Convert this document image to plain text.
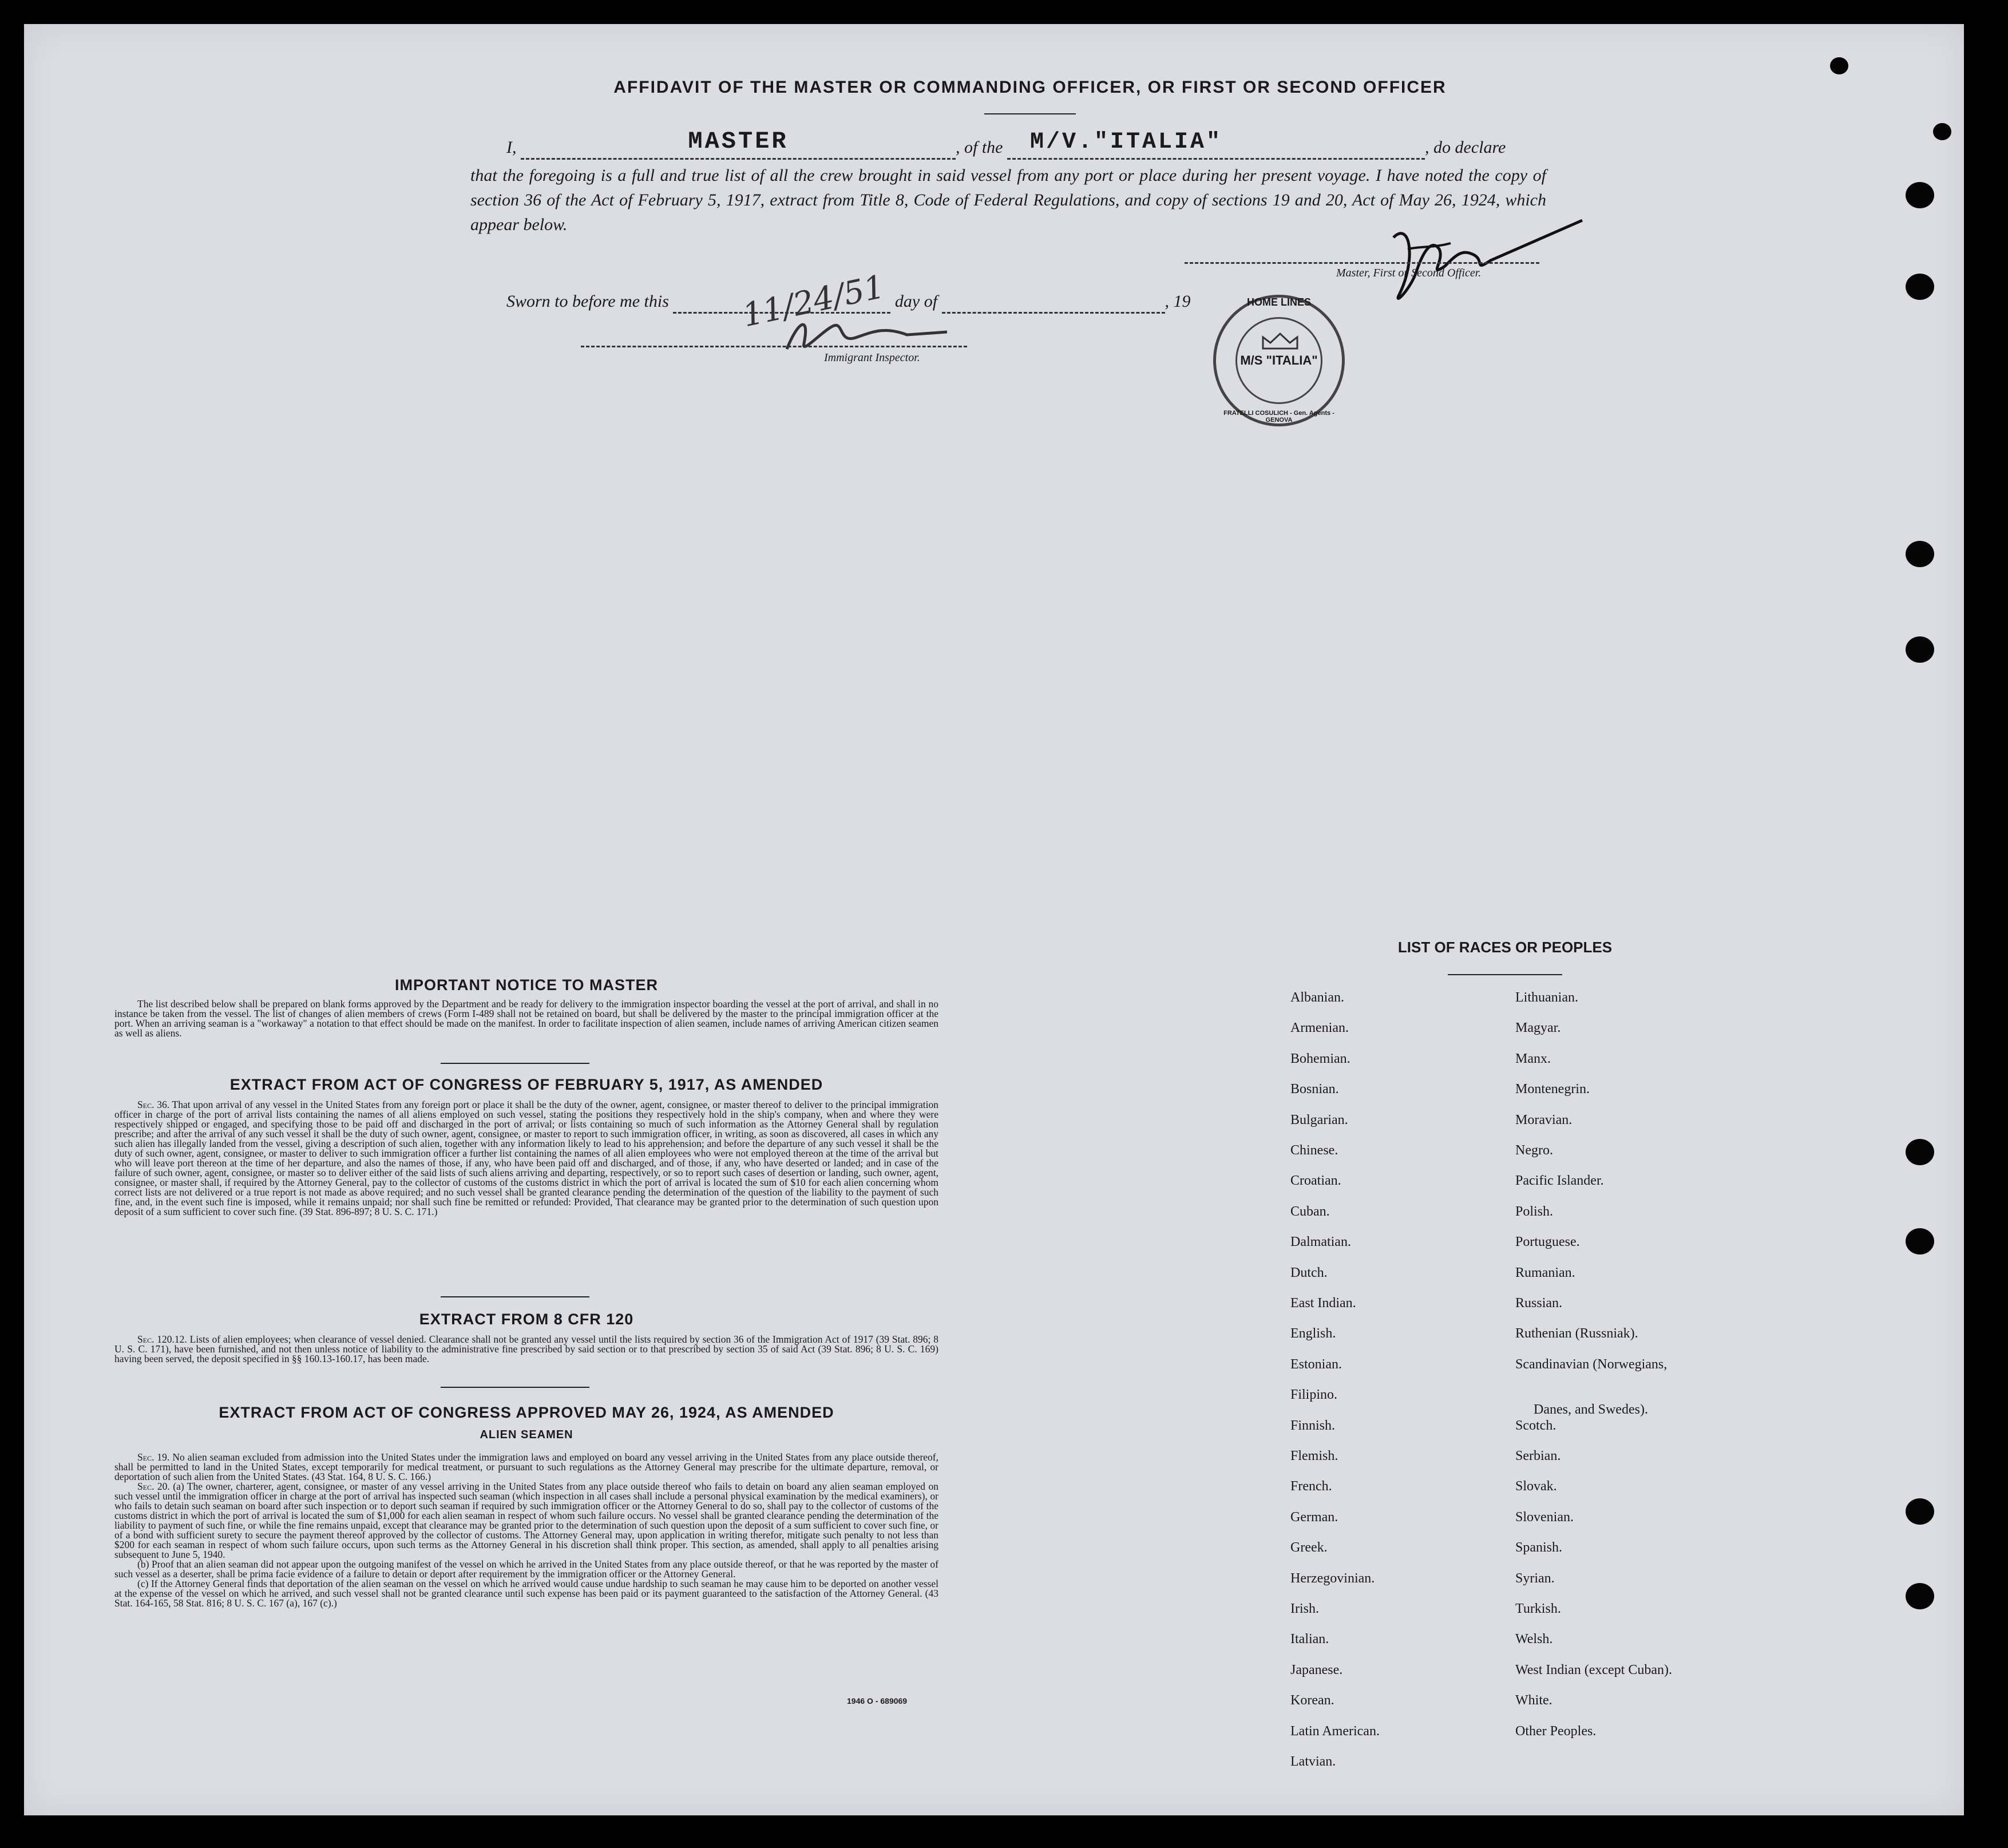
AFFIDAVIT OF THE MASTER OR COMMANDING OFFICER, OR FIRST OR SECOND OFFICER
I,	MASTER	, of the M/V."ITALIA"	, do declare
that the foregoing is a full and true list of all the crew brought in said vessel from any port or place during her present voyage. I have noted the copy of section 36 of the Act of February 5, 1917, extract from Title 8, Code of Federal Regulations, and copy of sections 19 and 20, Act of May 26, 1924, which appear below.
Master, First or Second Officer.
Sworn to before me this 11/24/51 day of	, 19
Immigrant Inspector.
HOME LINES
M/S "ITALIA"
FRATELLI COSULICH - Gen. Agents - GENOVA
IMPORTANT NOTICE TO MASTER

The list described below shall be prepared on blank forms approved by the Department and be ready for delivery to the immigration inspector boarding the vessel at the port of arrival, and shall in no instance be taken from the vessel. The list of changes of alien members of crews (Form I-489 shall not be retained on board, but shall be delivered by the master to the principal immigration officer at the port. When an arriving seaman is a "workaway" a notation to that effect should be made on the manifest. In order to facilitate inspection of alien seamen, include names of arriving American citizen seamen as well as aliens.

EXTRACT FROM ACT OF CONGRESS OF FEBRUARY 5, 1917, AS AMENDED

Sec. 36. That upon arrival of any vessel in the United States from any foreign port or place it shall be the duty of the owner, agent, consignee, or master thereof to deliver to the principal immigration officer in charge of the port of arrival lists containing the names of all aliens employed on such vessel, stating the positions they respectively hold in the ship's company, when and where they were respectively shipped or engaged, and specifying those to be paid off and discharged in the port of arrival; or lists containing so much of such information as the Attorney General shall by regulation prescribe; and after the arrival of any such vessel it shall be the duty of such owner, agent, consignee, or master to report to such immigration officer, in writing, as soon as discovered, all cases in which any such alien has illegally landed from the vessel, giving a description of such alien, together with any information likely to lead to his apprehension; and before the departure of any such vessel it shall be the duty of such owner, agent, consignee, or master to deliver to such immigration officer a further list containing the names of all alien employees who were not employed thereon at the time of the arrival but who will leave port thereon at the time of her departure, and also the names of those, if any, who have been paid off and discharged, and of those, if any, who have deserted or landed; and in case of the failure of such owner, agent, consignee, or master so to deliver either of the said lists of such aliens arriving and departing, respectively, or so to report such cases of desertion or landing, such owner, agent, consignee, or master shall, if required by the Attorney General, pay to the collector of customs of the customs district in which the port of arrival is located the sum of $10 for each alien concerning whom correct lists are not delivered or a true report is not made as above required; and no such vessel shall be granted clearance pending the determination of the question of the liability to the payment of such fine, and, in the event such fine is imposed, while it remains unpaid; nor shall such fine be remitted or refunded: Provided, That clearance may be granted prior to the determination of such question upon deposit of a sum sufficient to cover such fine. (39 Stat. 896-897; 8 U. S. C. 171.)

EXTRACT FROM 8 CFR 120

Sec. 120.12. Lists of alien employees; when clearance of vessel denied. Clearance shall not be granted any vessel until the lists required by section 36 of the Immigration Act of 1917 (39 Stat. 896; 8 U. S. C. 171), have been furnished, and not then unless notice of liability to the administrative fine prescribed by said section or to that prescribed by section 35 of said Act (39 Stat. 896; 8 U. S. C. 169) having been served, the deposit specified in §§ 160.13-160.17, has been made.

EXTRACT FROM ACT OF CONGRESS APPROVED MAY 26, 1924, AS AMENDED
ALIEN SEAMEN

Sec. 19. No alien seaman excluded from admission into the United States under the immigration laws and employed on board any vessel arriving in the United States from any place outside thereof, shall be permitted to land in the United States, except temporarily for medical treatment, or pursuant to such regulations as the Attorney General may prescribe for the ultimate departure, removal, or deportation of such alien from the United States. (43 Stat. 164, 8 U. S. C. 166.)

Sec. 20. (a) The owner, charterer, agent, consignee, or master of any vessel arriving in the United States from any place outside thereof who fails to detain on board any alien seaman employed on such vessel until the immigration officer in charge at the port of arrival has inspected such seaman (which inspection in all cases shall include a personal physical examination by the medical examiners), or who fails to detain such seaman on board after such inspection or to deport such seaman if required by such immigration officer or the Attorney General to do so, shall pay to the collector of customs of the customs district in which the port of arrival is located the sum of $1,000 for each alien seaman in respect of whom such failure occurs. No vessel shall be granted clearance pending the determination of the liability to payment of such fine, or while the fine remains unpaid, except that clearance may be granted prior to the determination of such question upon the deposit of a sum sufficient to cover such fine, or of a bond with sufficient surety to secure the payment thereof approved by the collector of customs. The Attorney General may, upon application in writing therefor, mitigate such penalty to not less than $200 for each seaman in respect of whom such failure occurs, upon such terms as the Attorney General in his discretion shall think proper. This section, as amended, shall apply to all penalties arising subsequent to June 5, 1940.

(b) Proof that an alien seaman did not appear upon the outgoing manifest of the vessel on which he arrived in the United States from any place outside thereof, or that he was reported by the master of such vessel as a deserter, shall be prima facie evidence of a failure to detain or deport after requirement by the immigration officer or the Attorney General.

(c) If the Attorney General finds that deportation of the alien seaman on the vessel on which he arrived would cause undue hardship to such seaman he may cause him to be deported on another vessel at the expense of the vessel on which he arrived, and such vessel shall not be granted clearance until such expense has been paid or its payment guaranteed to the satisfaction of the Attorney General. (43 Stat. 164-165, 58 Stat. 816; 8 U. S. C. 167 (a), 167 (c).)

1946 O - 689069
LIST OF RACES OR PEOPLES
Albanian.
Armenian.
Bohemian.
Bosnian.
Bulgarian.
Chinese.
Croatian.
Cuban.
Dalmatian.
Dutch.
East Indian.
English.
Estonian.
Filipino.
Finnish.
Flemish.
French.
German.
Greek.
Herzegovinian.
Irish.
Italian.
Japanese.
Korean.
Latin American.
Latvian.
Lithuanian.
Magyar.
Manx.
Montenegrin.
Moravian.
Negro.
Pacific Islander.
Polish.
Portuguese.
Rumanian.
Russian.
Ruthenian (Russniak).
Scandinavian (Norwegians,
Danes, and Swedes).
Scotch.
Serbian.
Slovak.
Slovenian.
Spanish.
Syrian.
Turkish.
Welsh.
West Indian (except Cuban).
White.
Other Peoples.
